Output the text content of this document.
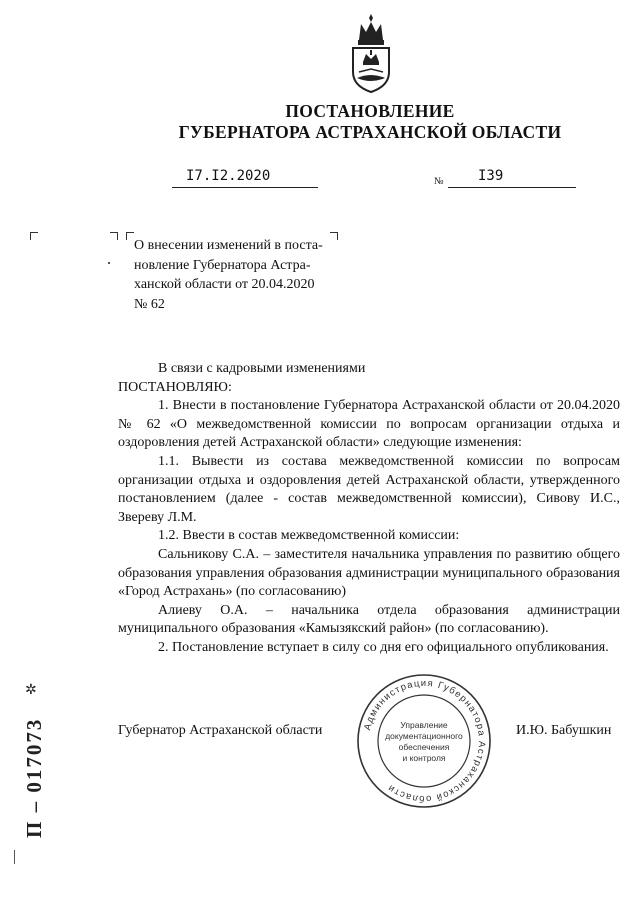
ПОСТАНОВЛЕНИЕ
ГУБЕРНАТОРА АСТРАХАНСКОЙ ОБЛАСТИ
I7.I2.2020	№ I39

О внесении изменений в поста-

новление Губернатора Астра-

ханской области от 20.04.2020

№ 62

В связи с кадровыми изменениями

ПОСТАНОВЛЯЮ:

1. Внести в постановление Губернатора Астраханской области от 20.04.2020 № 62 «О межведомственной комиссии по вопросам организации отдыха и оздоровления детей Астраханской области» следующие изменения:

1.1. Вывести из состава межведомственной комиссии по вопросам организации отдыха и оздоровления детей Астраханской области, утвержденного постановлением (далее - состав межведомственной комиссии), Сивову И.С., Звереву Л.М.

1.2. Ввести в состав межведомственной комиссии:

Сальникову С.А. – заместителя начальника управления по развитию общего образования управления образования администрации муниципального образования «Город Астрахань» (по согласованию)

Алиеву О.А. – начальника отдела образования администрации муниципального образования «Камызякский район» (по согласованию).

2. Постановление вступает в силу со дня его официального опубликования.

Администрация Губернатора Астраханской области
Управление
документационного
обеспечения
и контроля
Губернатор Астраханской области	И.Ю. Бабушкин
✲
П – 017073
